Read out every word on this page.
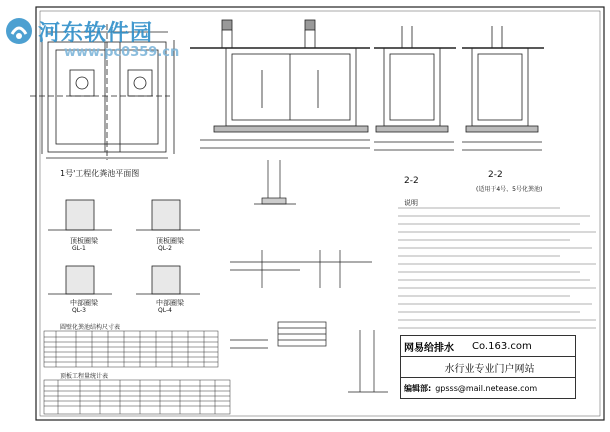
河东软件园
www.pc0359.cn
1号'工程化粪池平面图
2-2
2-2
(适用于4号、5号化粪池)
顶板圈梁
GL-1
顶板圈梁
QL-2
中部圈梁
QL-3
中部圈梁
QL-4
圆壁化粪池结构尺寸表
顶板工程量统计表
说明
网易给排水 Co.163.com
水行业专业门户网站
编辑部: gpsss@mail.netease.com
